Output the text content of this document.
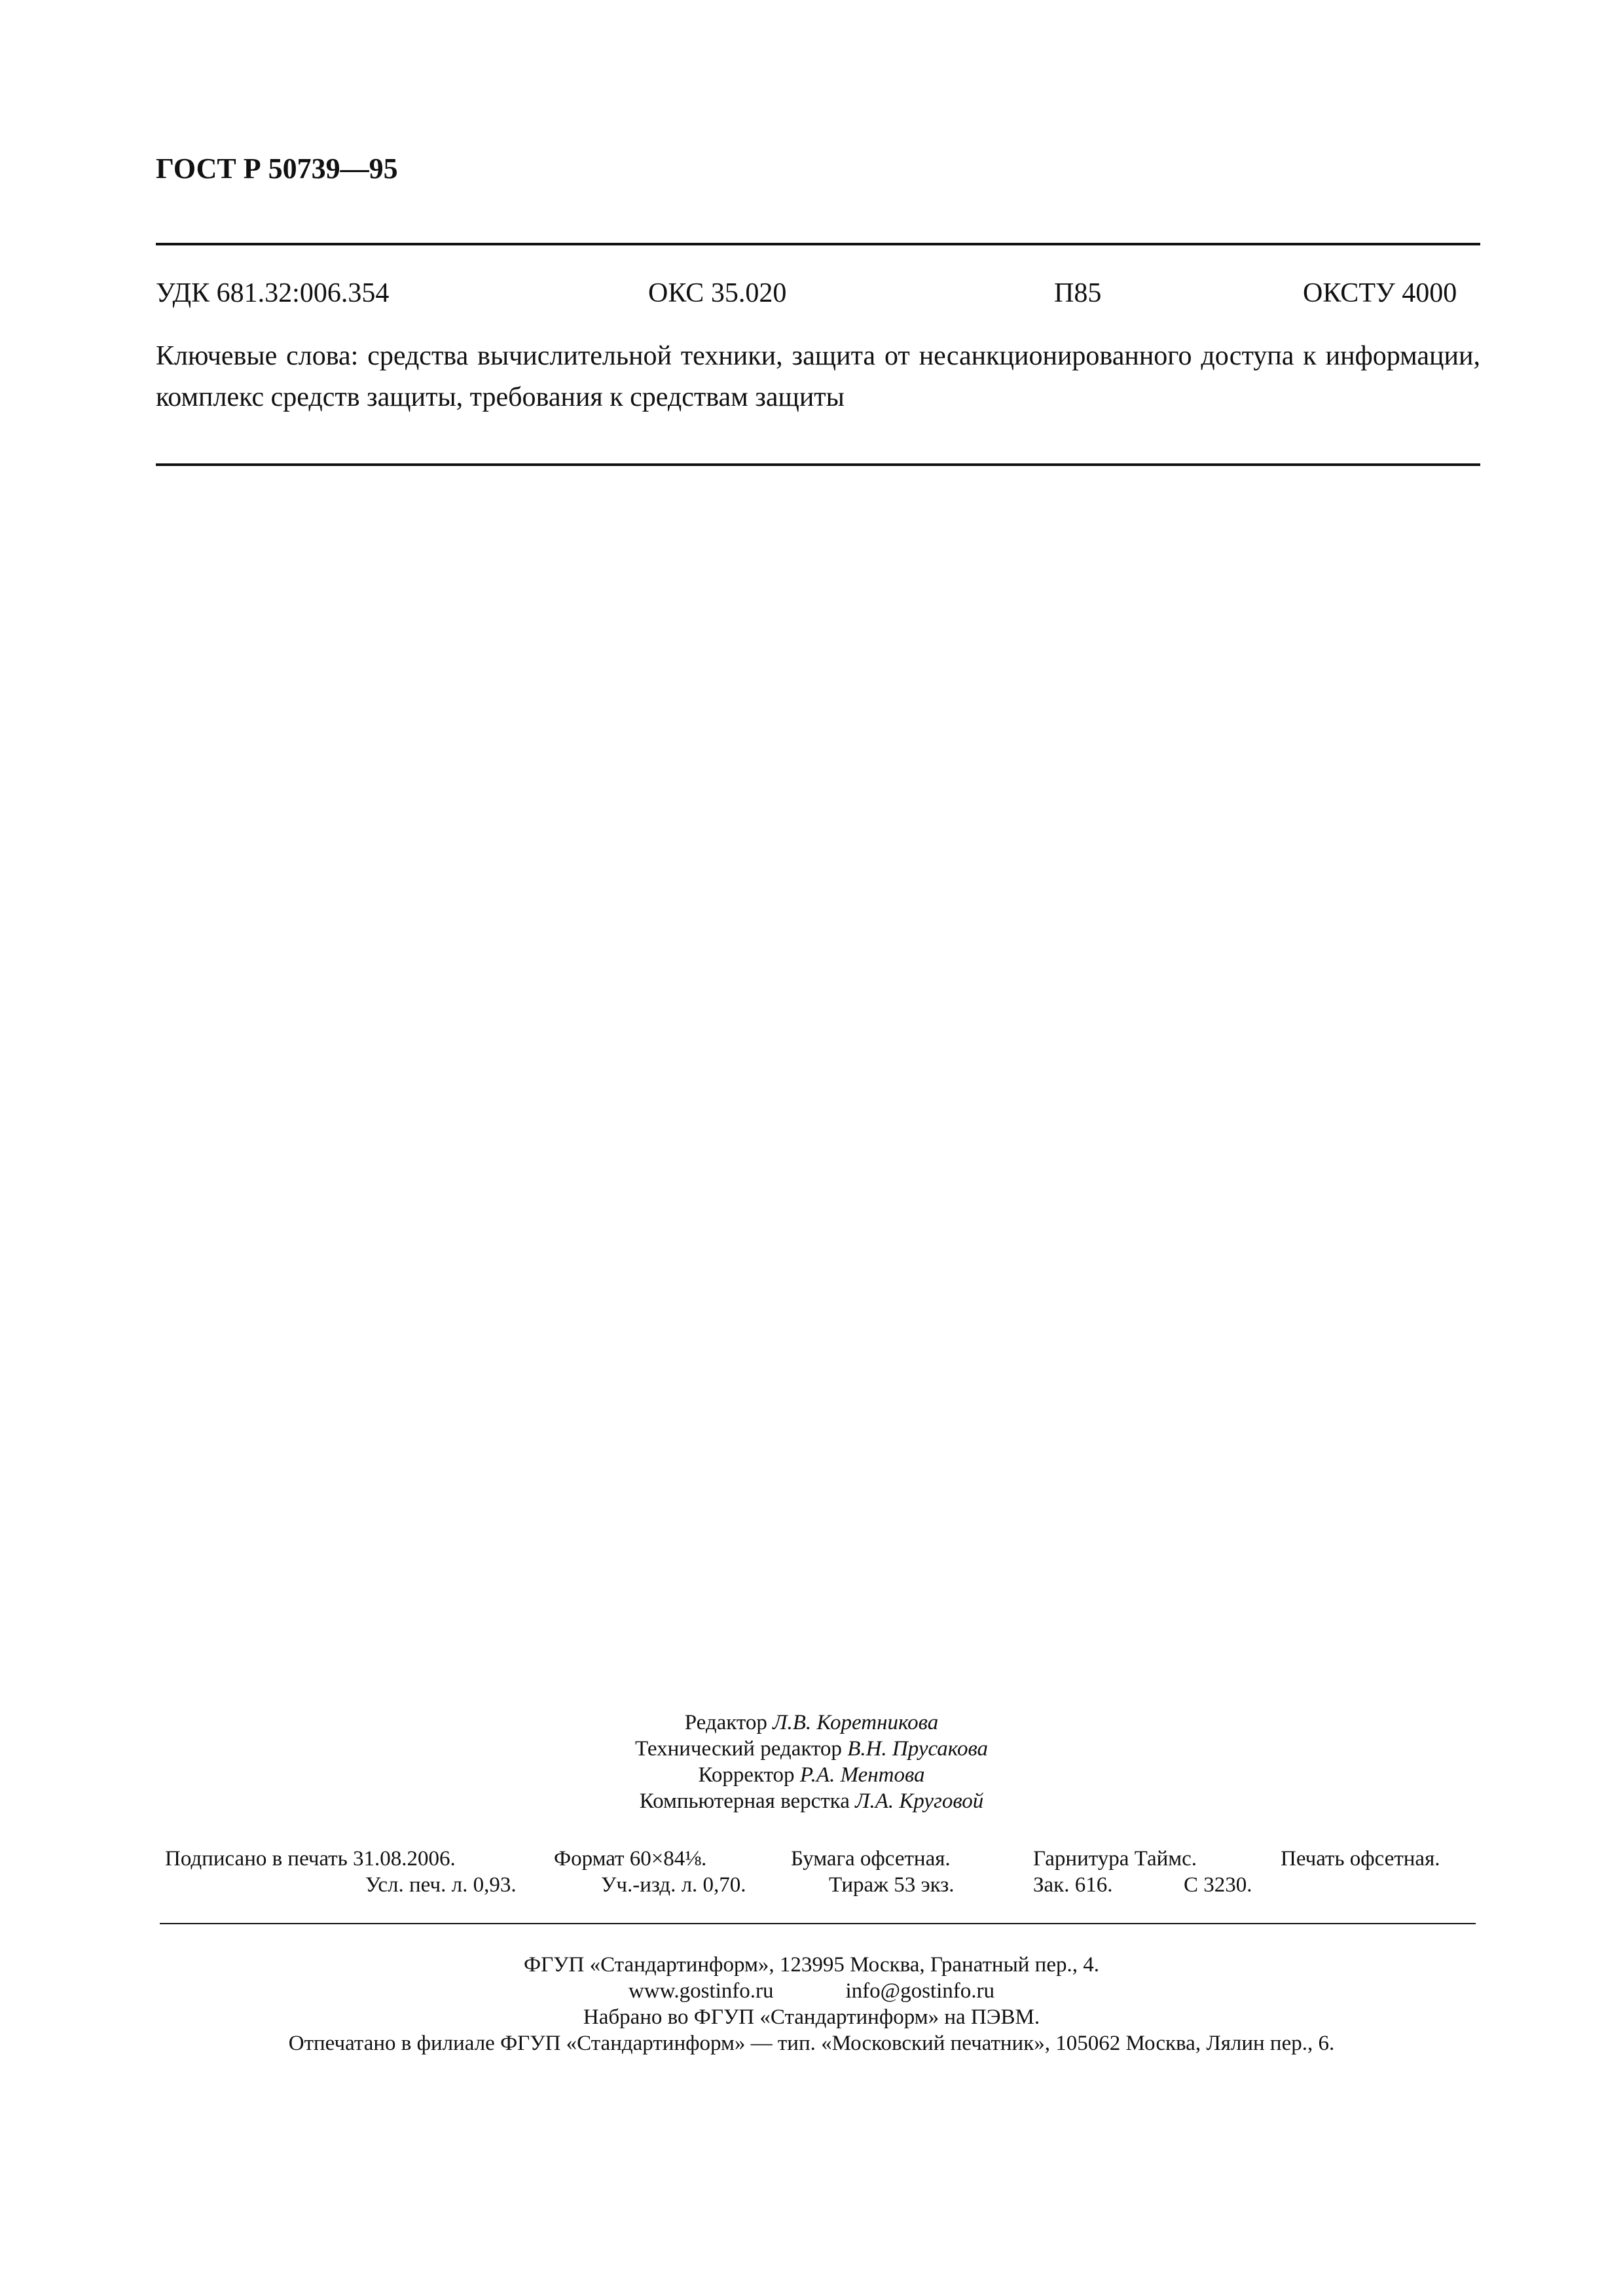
ГОСТ Р 50739—95
УДК 681.32:006.354	ОКС 35.020	П85	ОКСТУ 4000
Ключевые слова: средства вычислительной техники, защита от несанкционированного доступа к информации, комплекс средств защиты, требования к средствам защиты
Редактор Л.В. Коретникова
Технический редактор В.Н. Прусакова
Корректор Р.А. Ментова
Компьютерная верстка Л.А. Круговой
Подписано в печать 31.08.2006.	Формат 60×84⅛.	Бумага офсетная.	Гарнитура Таймс.	Печать офсетная.
Усл. печ. л. 0,93.	Уч.-изд. л. 0,70.	Тираж 53 экз.	Зак. 616.	С 3230.
ФГУП «Стандартинформ», 123995 Москва, Гранатный пер., 4.
www.gostinfo.ru	info@gostinfo.ru
Набрано во ФГУП «Стандартинформ» на ПЭВМ.
Отпечатано в филиале ФГУП «Стандартинформ» — тип. «Московский печатник», 105062 Москва, Лялин пер., 6.
